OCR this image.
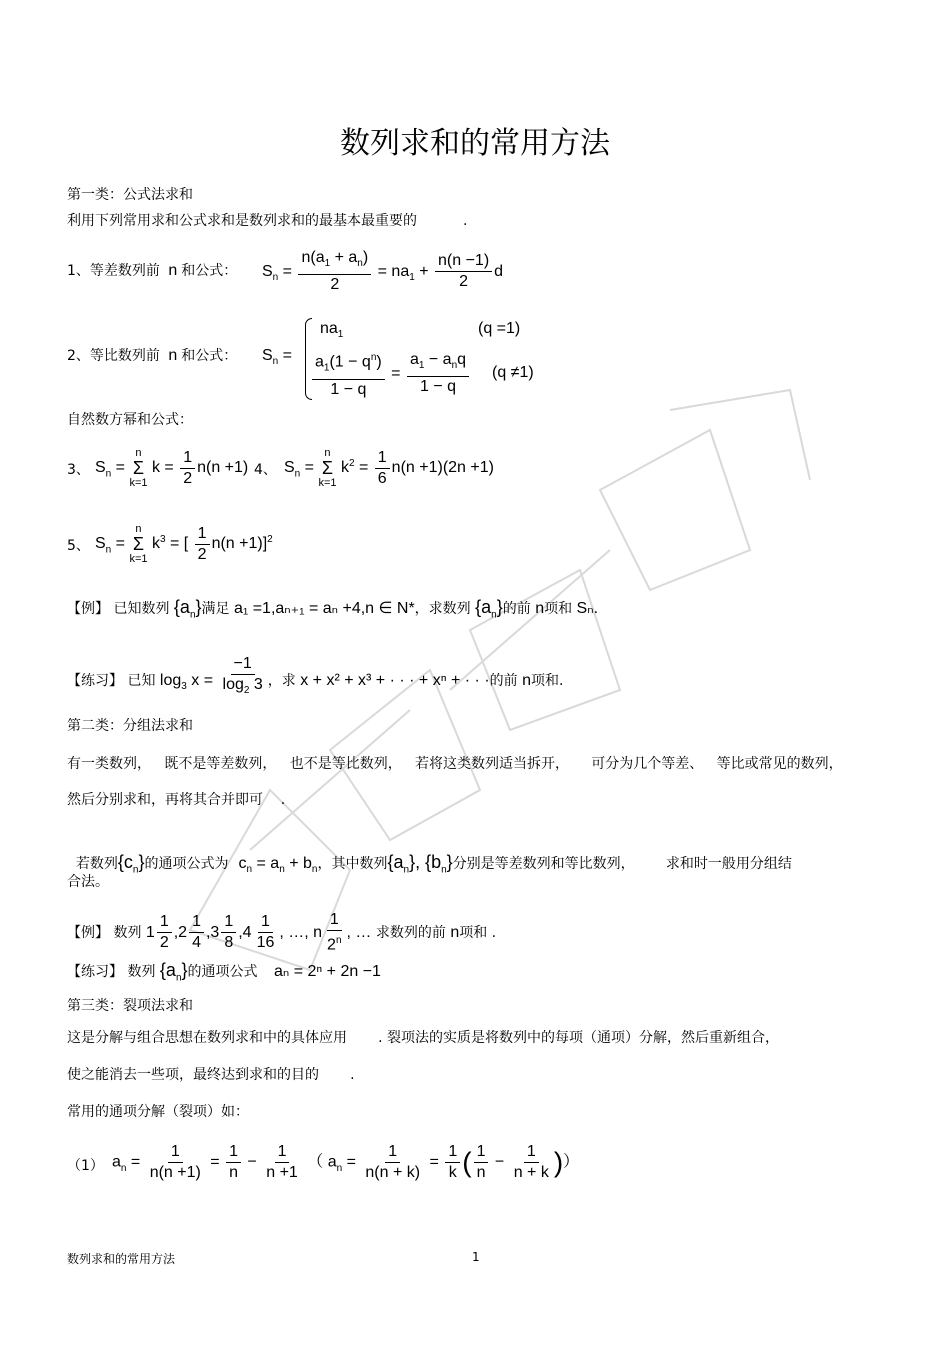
数列求和的常用方法
第一类：公式法求和
利用下列常用求和公式求和是数列求和的最基本最重要的	.
1、等差数列前 n 和公式： $S_n = \frac{n(a_1 + a_n)}{2} = na_1 + \frac{n(n -1)}{2}$ d
2、等比数列前 n 和公式： $S_n$ =
$na_1$	(q =1)
$\frac{a_1(1 - q^n)}{1 - q} = \frac{a_1 - a_nq}{1 - q} (q \ne 1)$
自然数方幂和公式：
3、 $S_n$ =
n
Σ
k=1
$k = \frac{1}{2} n(n +1)$ 4、 $S_n$ =
n
Σ
k=1
$k^2 = \frac{1}{6} n(n +1)(2n +1)$
5、 $S_n$ =
n
Σ
k=1
$k^3$ = [ $\frac{1}{2} n(n +1)]^2$
【例】 已知数列 $\{a_n\}$满足 a₁ =1,aₙ₊₁ = aₙ +4,n ∈ N*，求数列 $\{a_n\}$的前 n项和 Sₙ.
【练习】 已知 $\log_3 x = \frac{-1}{\log_2 3}$ ，求 x + x² + x³ + · · · + xⁿ + · · ·的前 n项和.
第二类：分组法求和
有一类数列，   既不是等差数列，   也不是等比数列，   若将这类数列适当拆开，     可分为几个等差、   等比或常见的数列，
然后分别求和，再将其合并即可    .

若数列$\{c_n\}$的通项公式为 $c_n = a_n + b_n$，其中数列$\{a_n\}$, $\{b_n\}$分别是等差数列和等比数列，       求和时一般用分组结

合法。
【例】 数列 $1 \frac{1}{2} ,2 \frac{1}{4} ,3 \frac{1}{8} ,4 \frac{1}{16}$ , …, n $\frac{1}{2^n}$ , … 求数列的前 n项和 .
【练习】 数列 $\{a_n\}$的通项公式 aₙ = 2ⁿ + 2n −1
第三类：裂项法求和
这是分解与组合思想在数列求和中的具体应用       . 裂项法的实质是将数列中的每项（通项）分解，然后重新组合，
使之能消去一些项，最终达到求和的目的       .
常用的通项分解（裂项）如：
（1） $a_n = \frac{1}{n(n +1)} = \frac{1}{n} - \frac{1}{n +1}$ （ $a_n = \frac{1}{n(n + k)} = \frac{1}{k}$ ( $\frac{1}{n} - \frac{1}{n + k}$ )）
数列求和的常用方法	1
